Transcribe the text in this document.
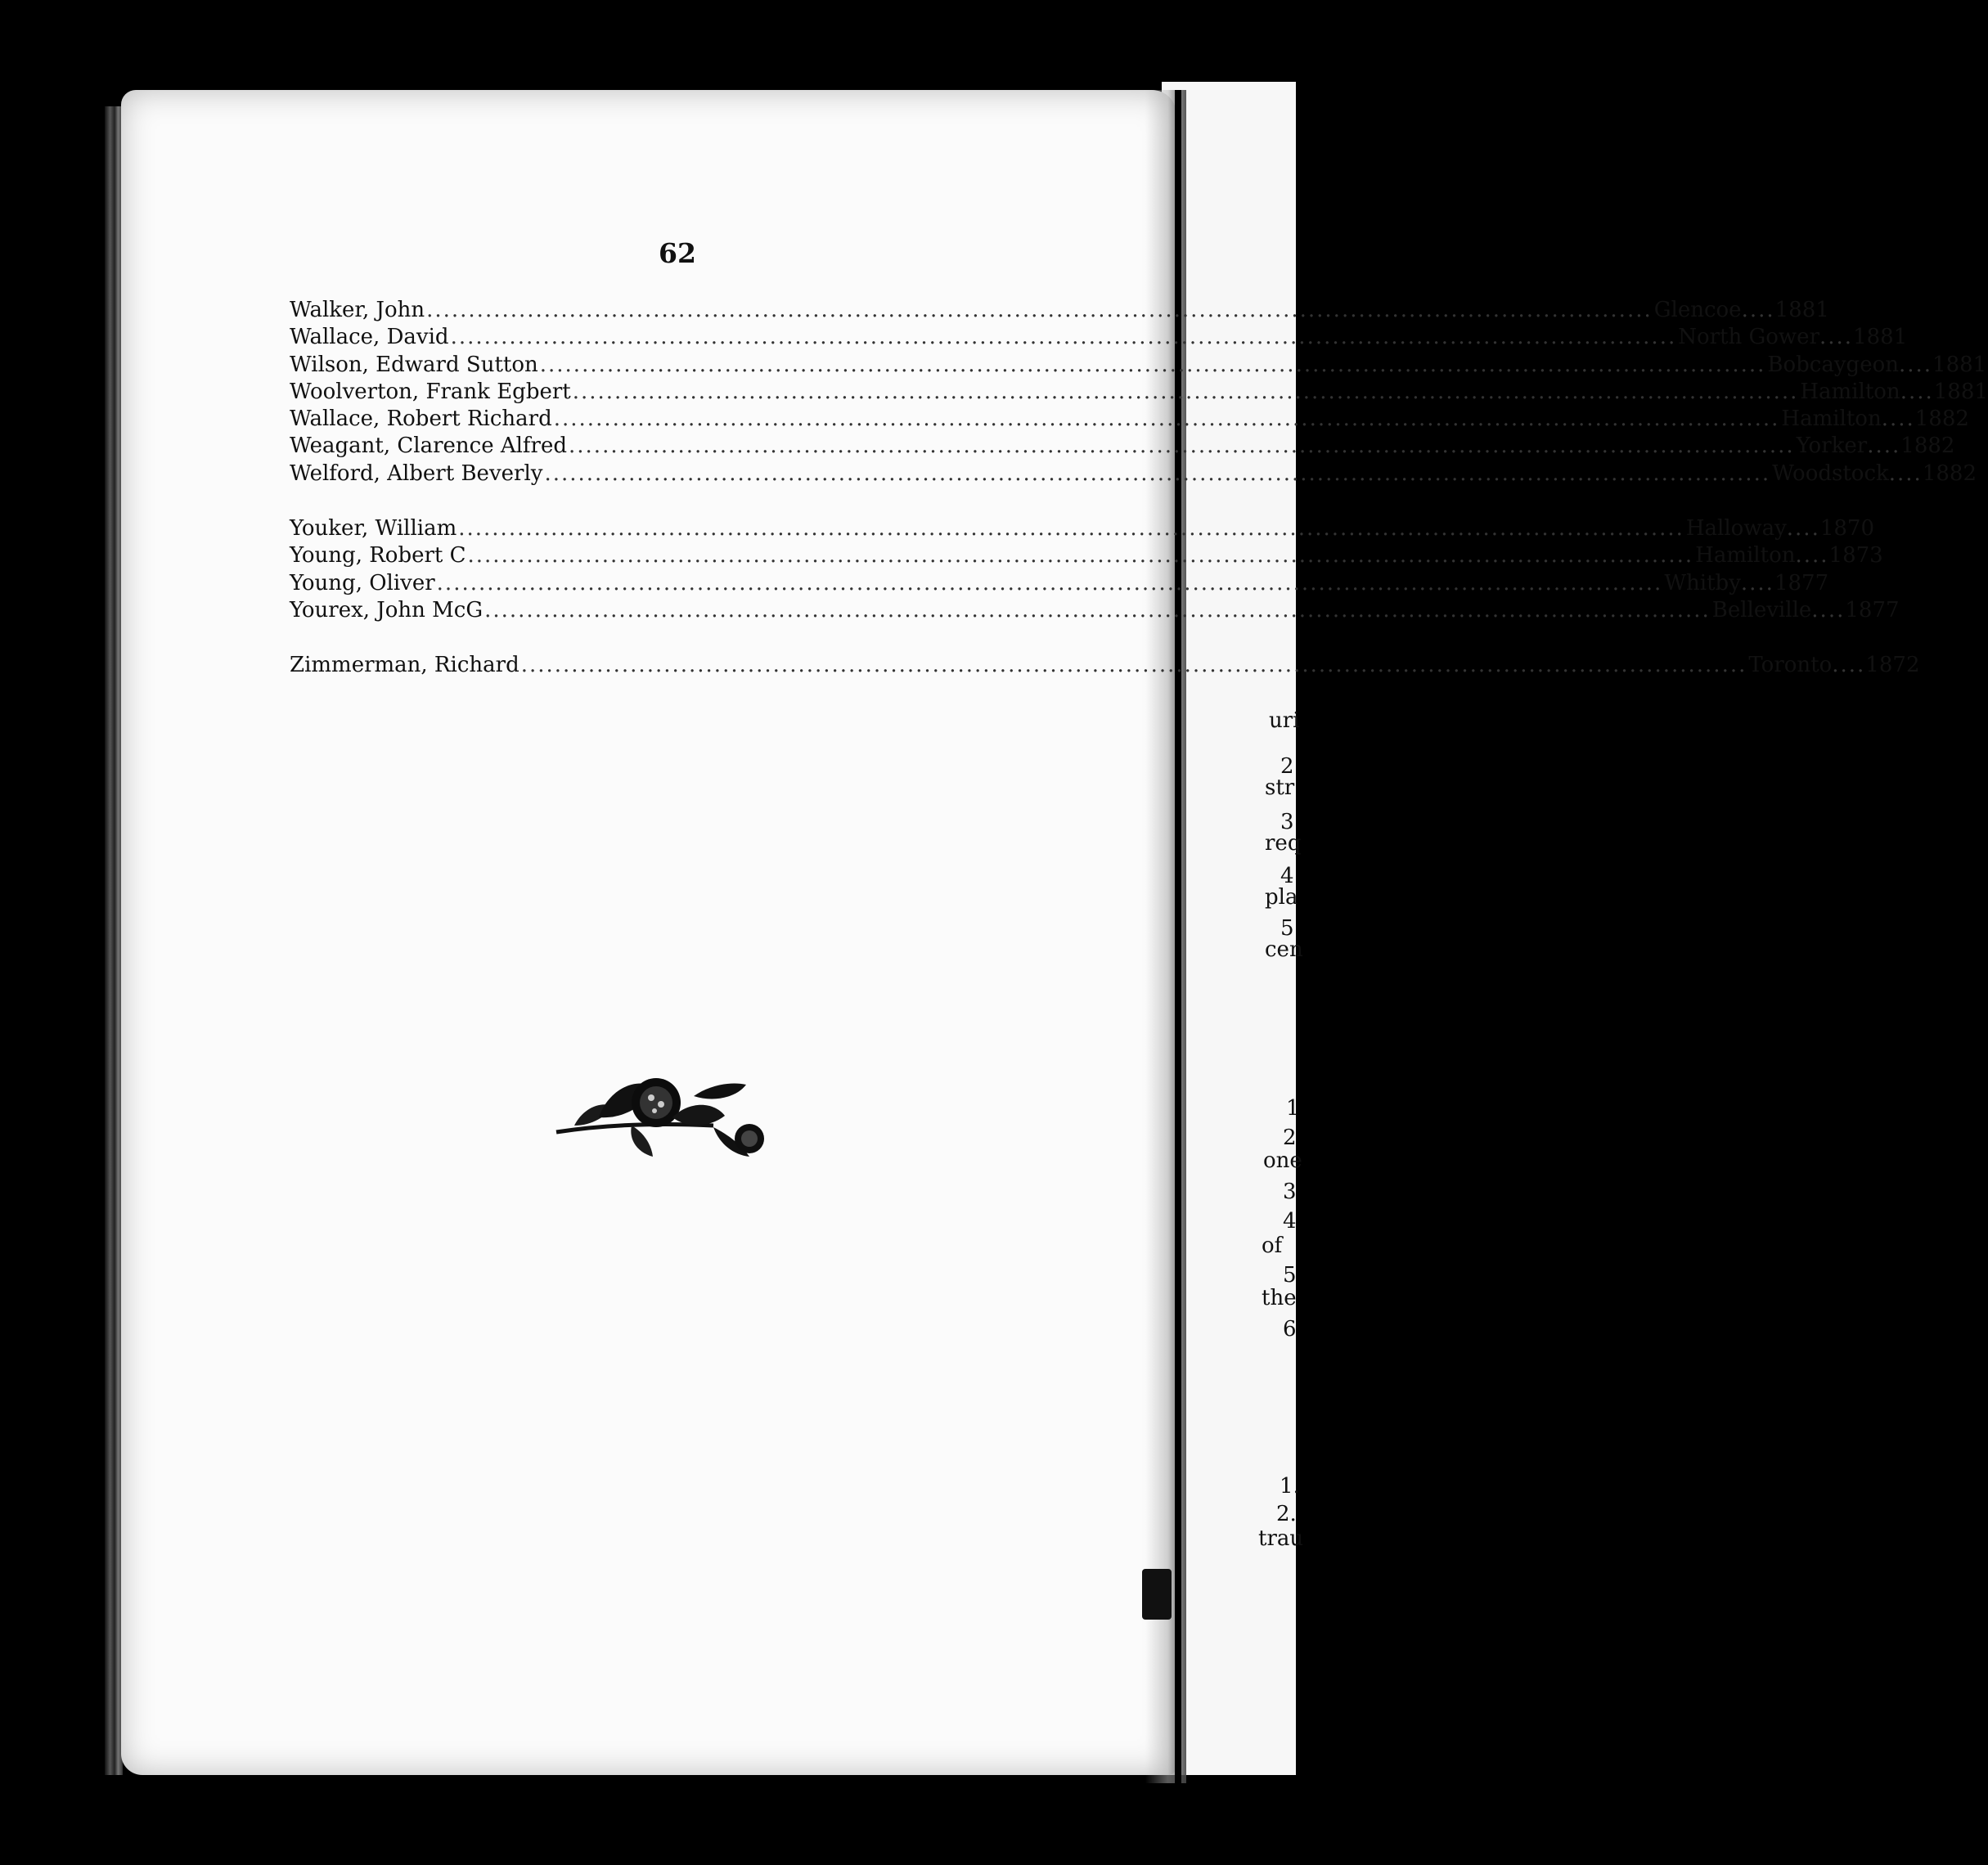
62
Walker, John .....	Glencoe .... 1881
Wallace, David .....	North Gower .... 1881
Wilson, Edward Sutton .....	Bobcaygeon .... 1881
Woolverton, Frank Egbert .....	Hamilton .... 1881
Wallace, Robert Richard .....	Hamilton .... 1882
Weagant, Clarence Alfred .....	Yorker .... 1882
Welford, Albert Beverly .....	Woodstock .... 1882
Youker, William .....	Halloway .... 1870
Young, Robert C .....	Hamilton .... 1873
Young, Oliver .....	Whitby .... 1877
Yourex, John McG .....	Belleville .... 1877
Zimmerman, Richard .....	Toronto .... 1872
uri
2
str
3
req
4
pla
5
cen
1
2
one
3
4
of
5
the
6
1.
2.
trau
